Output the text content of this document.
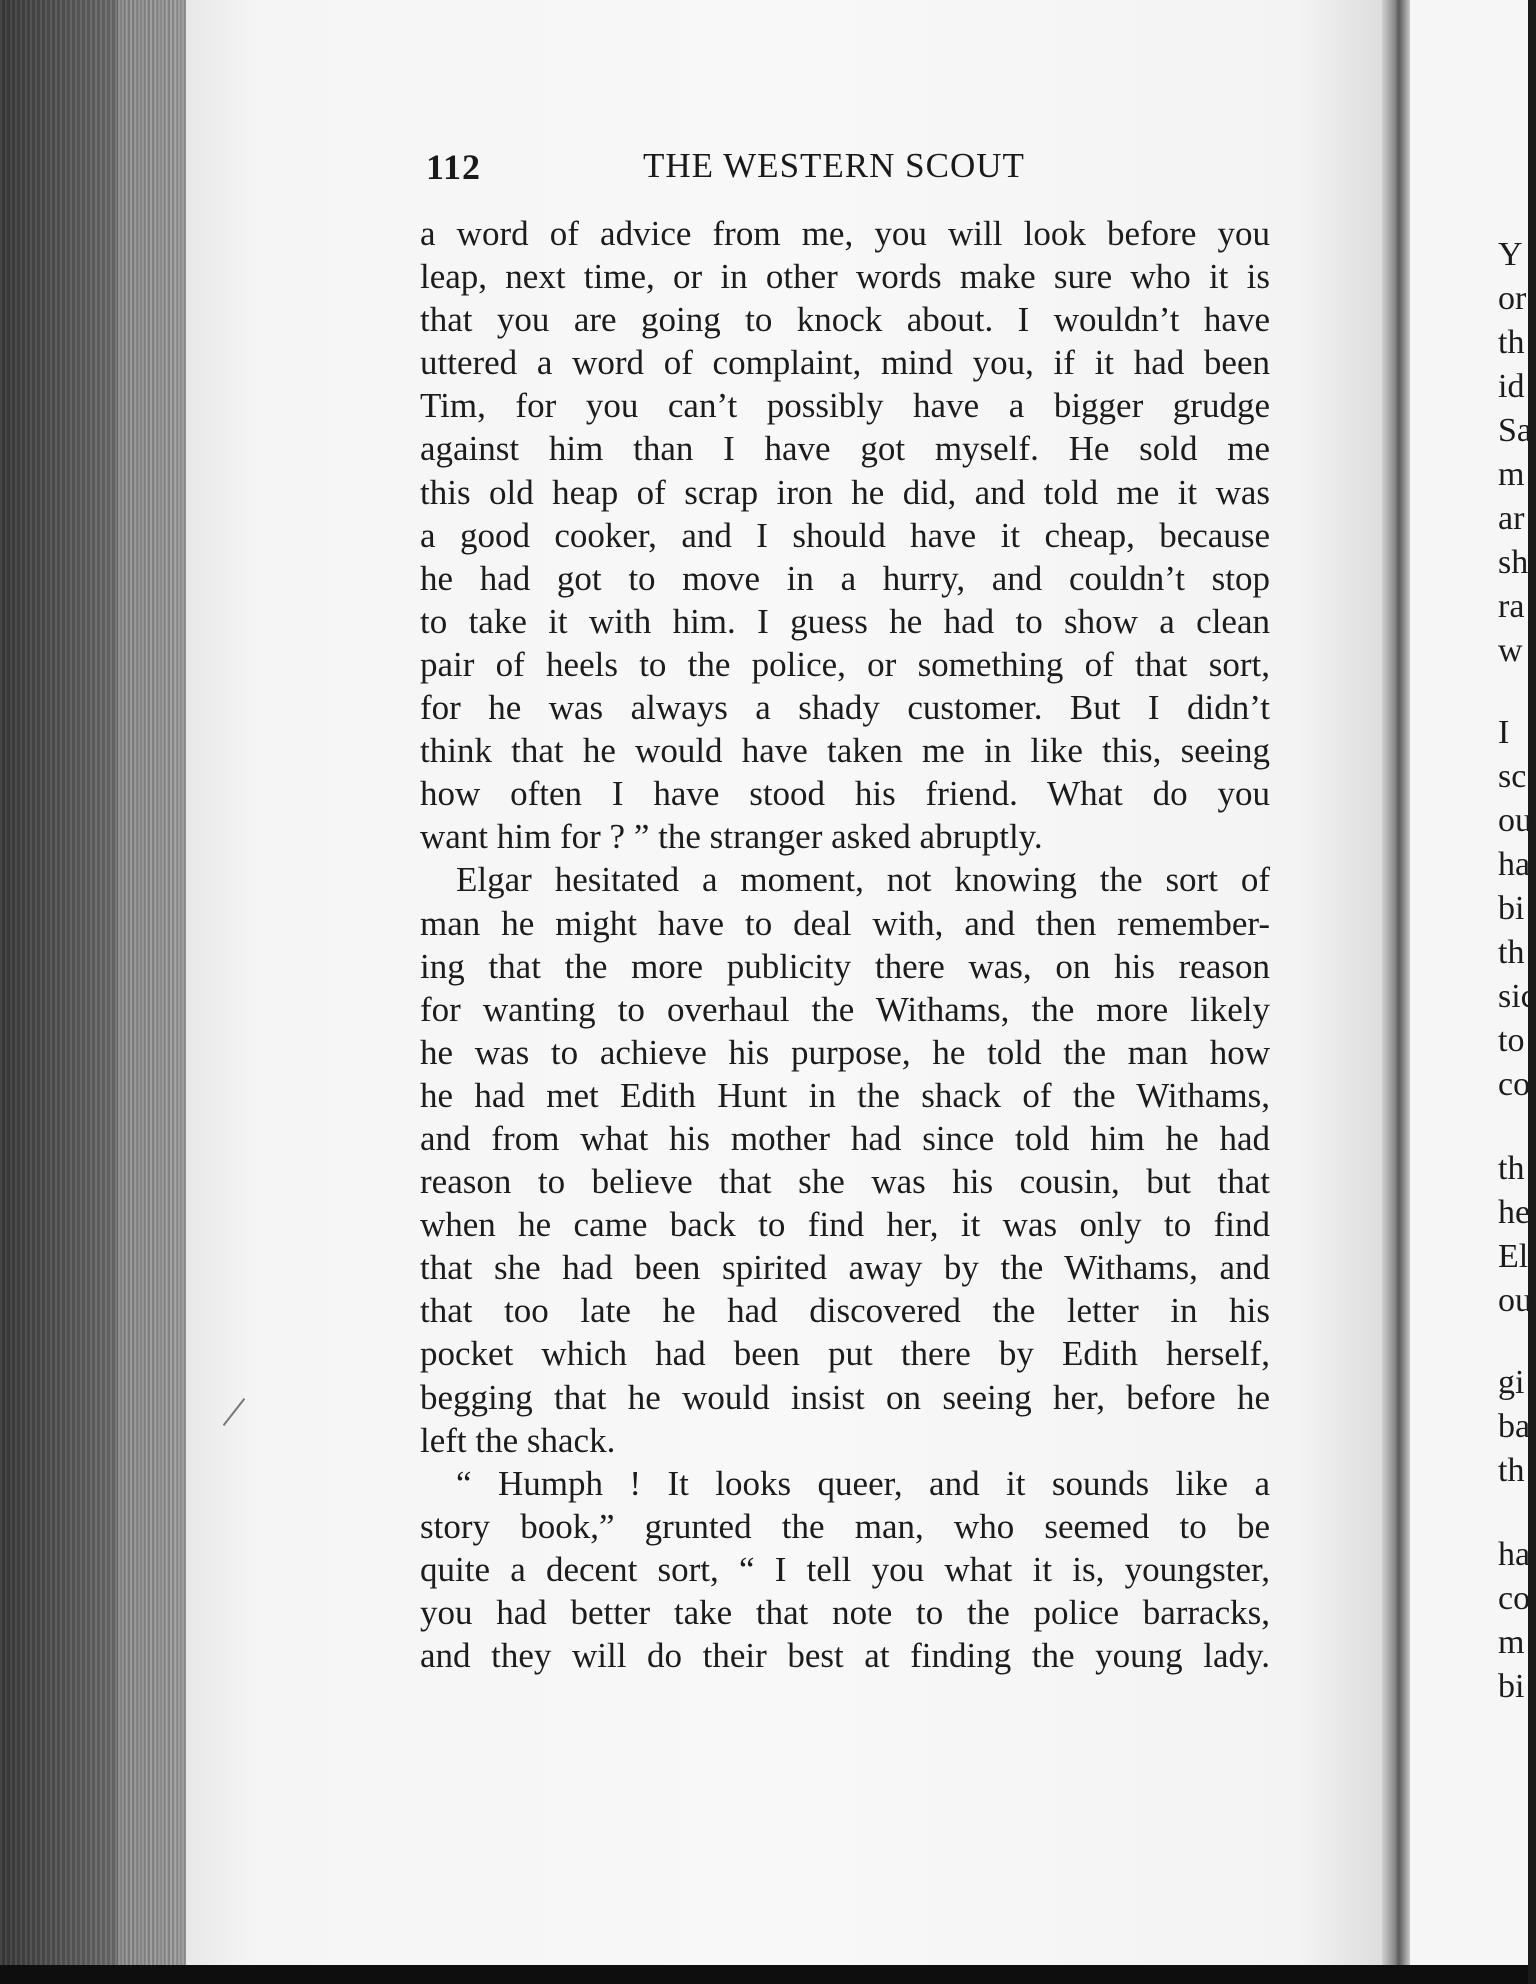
112	THE WESTERN SCOUT
a word of advice from me, you will look before you
leap, next time, or in other words make sure who it is
that you are going to knock about. I wouldn’t have
uttered a word of complaint, mind you, if it had been
Tim, for you can’t possibly have a bigger grudge
against him than I have got myself. He sold me
this old heap of scrap iron he did, and told me it was
a good cooker, and I should have it cheap, because
he had got to move in a hurry, and couldn’t stop
to take it with him. I guess he had to show a clean
pair of heels to the police, or something of that sort,
for he was always a shady customer. But I didn’t
think that he would have taken me in like this, seeing
how often I have stood his friend. What do you
want him for ? ” the stranger asked abruptly.
Elgar hesitated a moment, not knowing the sort of
man he might have to deal with, and then remember-
ing that the more publicity there was, on his reason
for wanting to overhaul the Withams, the more likely
he was to achieve his purpose, he told the man how
he had met Edith Hunt in the shack of the Withams,
and from what his mother had since told him he had
reason to believe that she was his cousin, but that
when he came back to find her, it was only to find
that she had been spirited away by the Withams, and
that too late he had discovered the letter in his
pocket which had been put there by Edith herself,
begging that he would insist on seeing her, before he
left the shack.
“ Humph ! It looks queer, and it sounds like a
story book,” grunted the man, who seemed to be
quite a decent sort, “ I tell you what it is, youngster,
you had better take that note to the police barracks,
and they will do their best at finding the young lady.
Y
or
th
id
Sa
m
ar
sh
ra
w
I
sc
ou
ha
bi
th
sic
to
co
th
he
El
ou
gi
ba
th
ha
co
m
bi
